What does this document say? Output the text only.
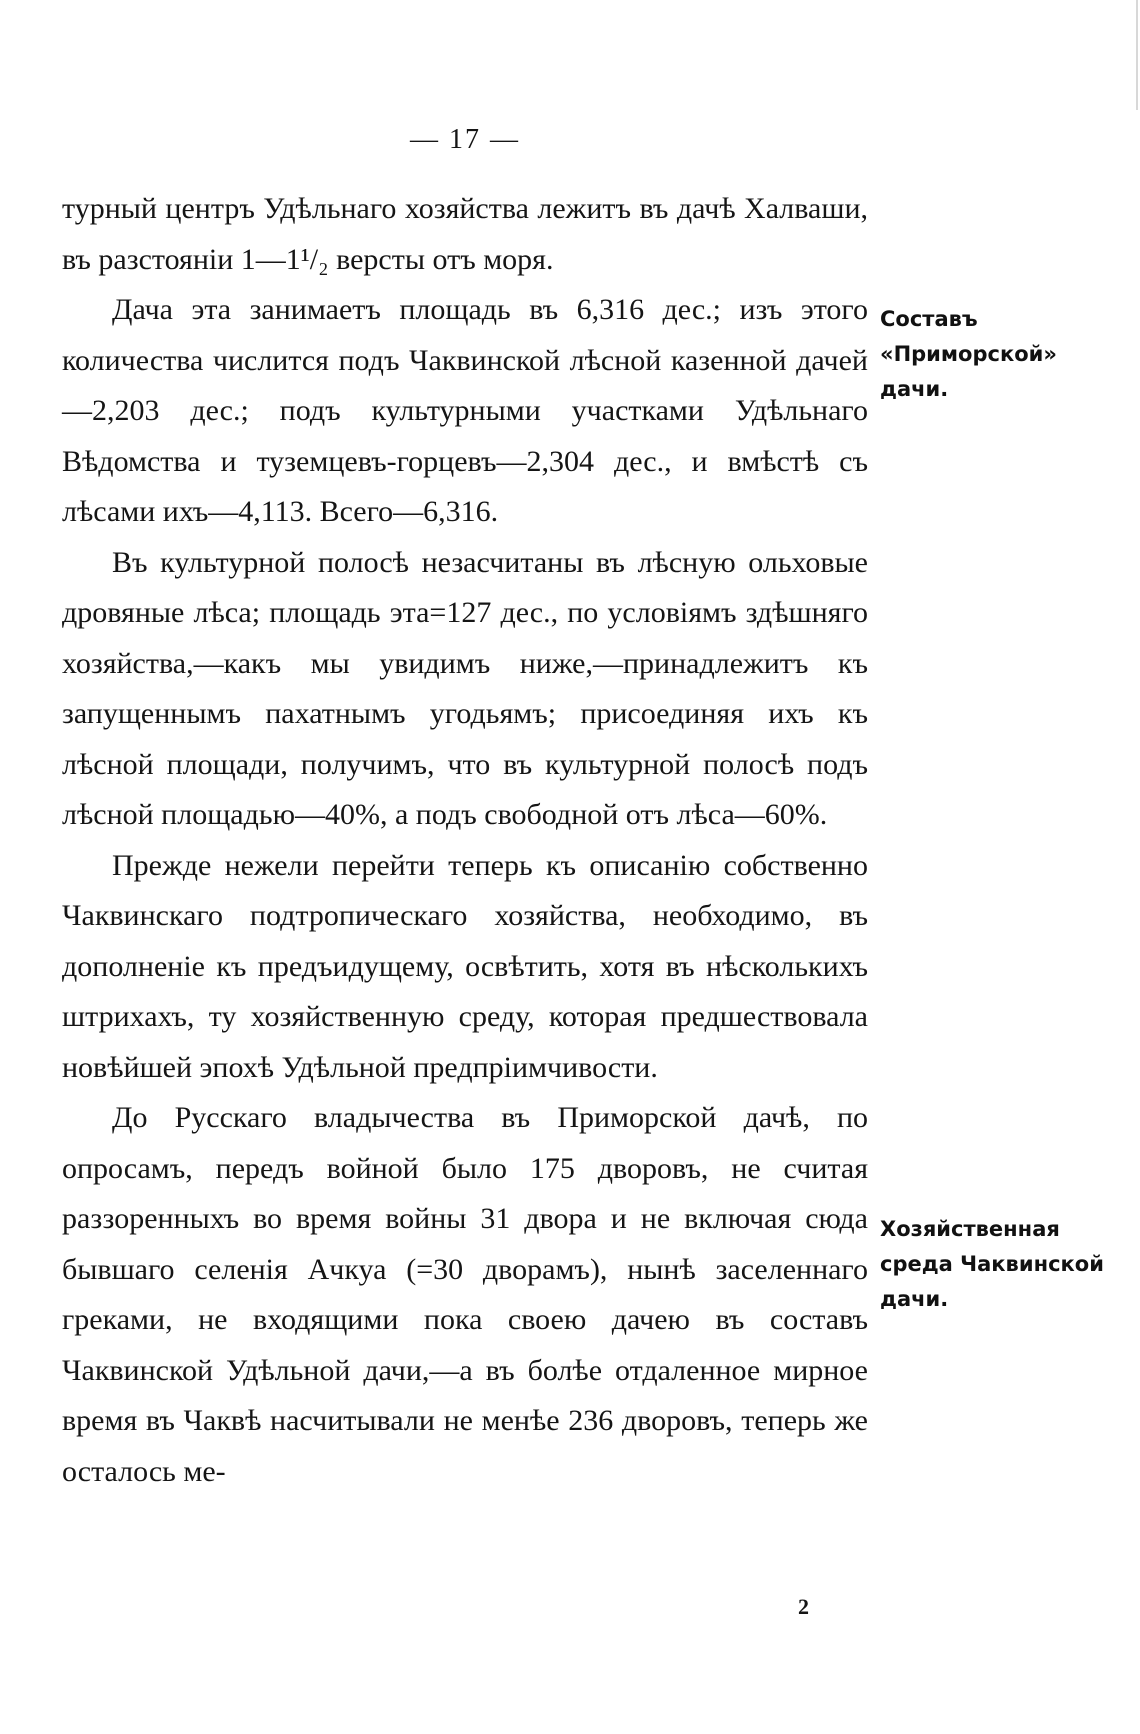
— 17 —

турный центръ Удѣльнаго хозяйства лежитъ въ дачѣ Халваши, въ разстояніи 1—1¹/₂ версты отъ моря.

Дача эта занимаетъ площадь въ 6,316 дес.; изъ этого количества числится подъ Чаквинской лѣсной казенной дачей—2,203 дес.; подъ культурными участками Удѣльнаго Вѣдомства и туземцевъ-горцевъ—2,304 дес., и вмѣстѣ съ лѣсами ихъ—4,113. Всего—6,316.

Въ культурной полосѣ незасчитаны въ лѣсную ольховые дровяные лѣса; площадь эта=127 дес., по условіямъ здѣшняго хозяйства,—какъ мы увидимъ ниже,—принадлежитъ къ запущеннымъ пахатнымъ угодьямъ; присоединяя ихъ къ лѣсной площади, получимъ, что въ культурной полосѣ подъ лѣсной площадью—40%, а подъ свободной отъ лѣса—60%.

Прежде нежели перейти теперь къ описанію собственно Чаквинскаго подтропическаго хозяйства, необходимо, въ дополненіе къ предъидущему, освѣтить, хотя въ нѣсколькихъ штрихахъ, ту хозяйственную среду, которая предшествовала новѣйшей эпохѣ Удѣльной предпріимчивости.

До Русскаго владычества въ Приморской дачѣ, по опросамъ, передъ войной было 175 дворовъ, не считая раззоренныхъ во время войны 31 двора и не включая сюда бывшаго селенія Ачкуа (=30 дворамъ), нынѣ заселеннаго греками, не входящими пока своею дачею въ составъ Чаквинской Удѣльной дачи,—а въ болѣе отдаленное мирное время въ Чаквѣ насчитывали не менѣе 236 дворовъ, теперь же осталось ме-

Составъ «Приморской» дачи.

Хозяйственная среда Чаквинской дачи.

2
